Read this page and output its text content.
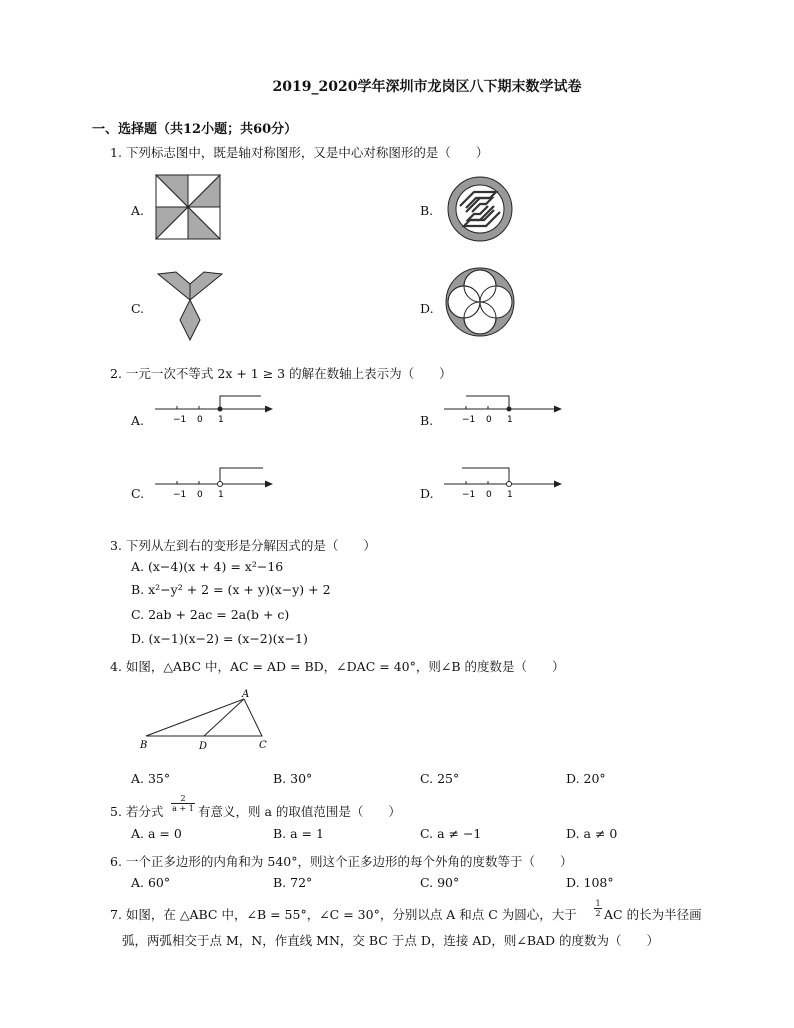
2019_2020学年深圳市龙岗区八下期末数学试卷
一、选择题（共12小题；共60分）
1. 下列标志图中，既是轴对称图形，又是中心对称图形的是（　　）
A.	B.
C.	D.
2. 一元一次不等式 2x + 1 ≥ 3 的解在数轴上表示为（　　）
A.	B.
C.	D.
−1 0 1	−1 0 1
−1 0 1	−1 0 1
3. 下列从左到右的变形是分解因式的是（　　）
A. (x−4)(x + 4) = x²−16
B. x²−y² + 2 = (x + y)(x−y) + 2
C. 2ab + 2ac = 2a(b + c)
D. (x−1)(x−2) = (x−2)(x−1)
4. 如图，△ABC 中，AC = AD = BD，∠DAC = 40°，则∠B 的度数是（　　）
A
B	D	C
A. 35°	B. 30°	C. 25°	D. 20°
5. 若分式 $\frac{2}{a + 1}$ 有意义，则 a 的取值范围是（　　）
A. a = 0	B. a = 1	C. a ≠ −1	D. a ≠ 0
6. 一个正多边形的内角和为 540°，则这个正多边形的每个外角的度数等于（　　）
A. 60°	B. 72°	C. 90°	D. 108°
7. 如图，在 △ABC 中，∠B = 55°，∠C = 30°，分别以点 A 和点 C 为圆心，大于 $\frac{1}{2}$ AC 的长为半径画
弧，两弧相交于点 M，N，作直线 MN，交 BC 于点 D，连接 AD，则∠BAD 的度数为（　　）
